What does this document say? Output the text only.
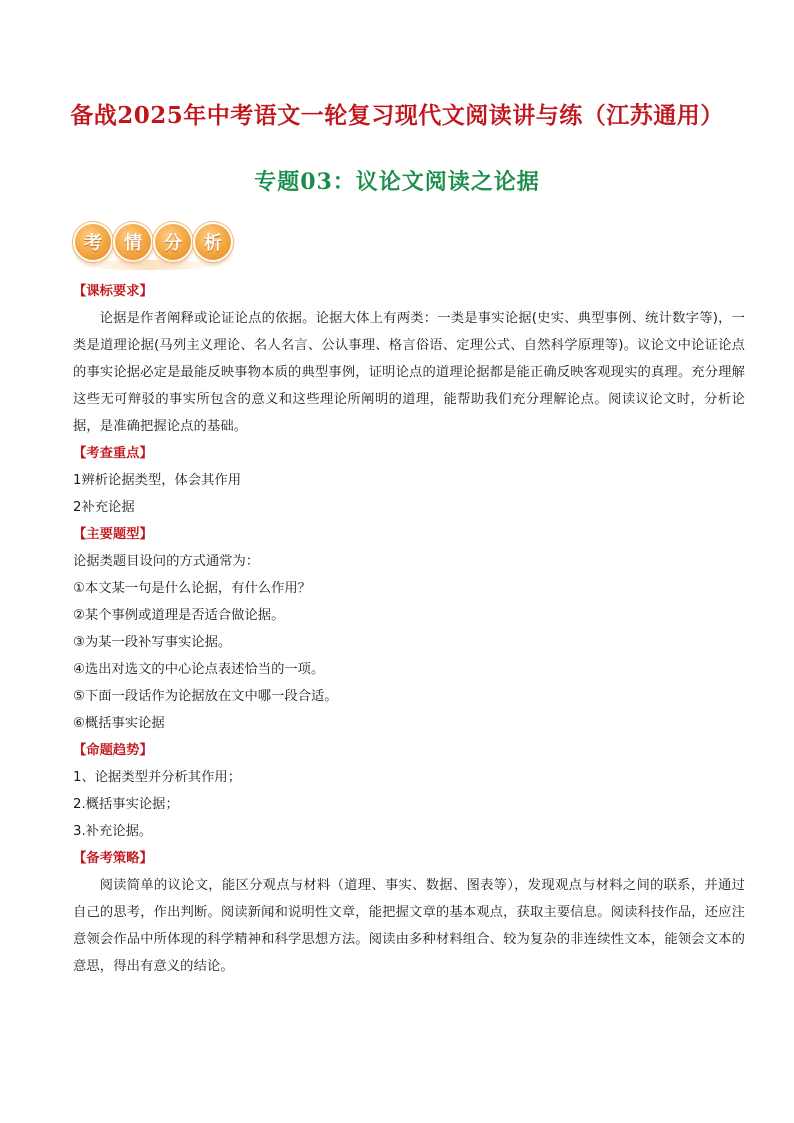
备战2025年中考语文一轮复习现代文阅读讲与练（江苏通用）
专题03：议论文阅读之论据
考	情	分	析
【课标要求】
论据是作者阐释或论证论点的依据。论据大体上有两类：一类是事实论据(史实、典型事例、统计数字等)，一类是道理论据(马列主义理论、名人名言、公认事理、格言俗语、定理公式、自然科学原理等)。议论文中论证论点的事实论据必定是最能反映事物本质的典型事例，证明论点的道理论据都是能正确反映客观现实的真理。充分理解这些无可辩驳的事实所包含的意义和这些理论所阐明的道理，能帮助我们充分理解论点。阅读议论文时，分析论据，是准确把握论点的基础。
【考查重点】
1辨析论据类型，体会其作用
2补充论据
【主要题型】
论据类题目设问的方式通常为：
①本文某一句是什么论据，有什么作用？
②某个事例或道理是否适合做论据。
③为某一段补写事实论据。
④选出对选文的中心论点表述恰当的一项。
⑤下面一段话作为论据放在文中哪一段合适。
⑥概括事实论据
【命题趋势】
1、论据类型并分析其作用；
2.概括事实论据；
3.补充论据。
【备考策略】
阅读简单的议论文，能区分观点与材料（道理、事实、数据、图表等），发现观点与材料之间的联系，并通过自己的思考，作出判断。阅读新闻和说明性文章，能把握文章的基本观点，获取主要信息。阅读科技作品，还应注意领会作品中所体现的科学精神和科学思想方法。阅读由多种材料组合、较为复杂的非连续性文本，能领会文本的意思，得出有意义的结论。
